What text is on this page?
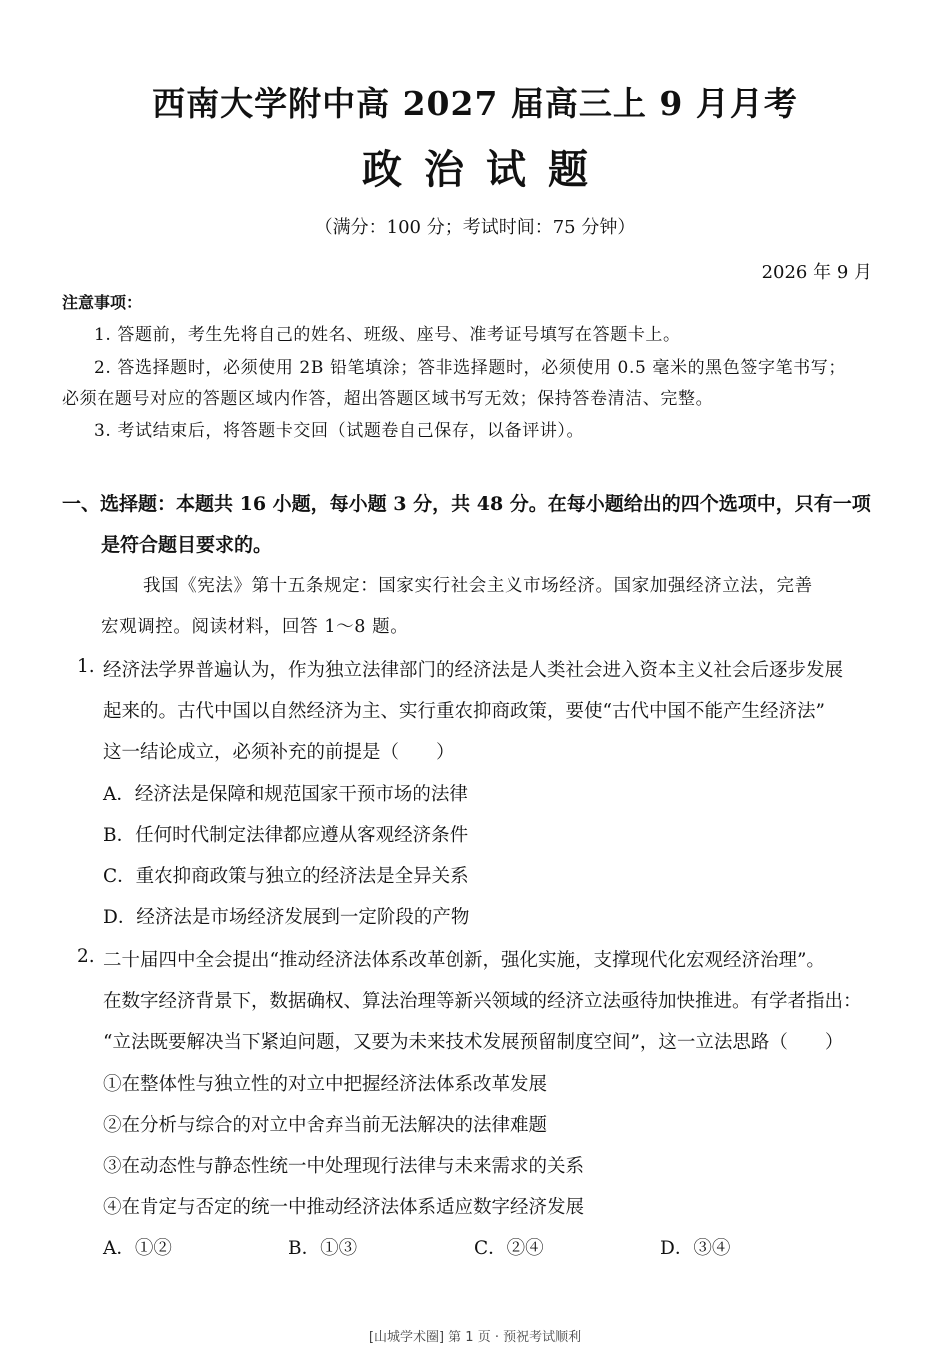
西南大学附中高 2027 届高三上 9 月月考
政治试题
（满分：100 分；考试时间：75 分钟）
2026 年 9 月
注意事项：
1. 答题前，考生先将自己的姓名、班级、座号、准考证号填写在答题卡上。
2. 答选择题时，必须使用 2B 铅笔填涂；答非选择题时，必须使用 0.5 毫米的黑色签字笔书写；
必须在题号对应的答题区域内作答，超出答题区域书写无效；保持答卷清洁、完整。
3. 考试结束后，将答题卡交回（试题卷自己保存，以备评讲）。
一、选择题：本题共 16 小题，每小题 3 分，共 48 分。在每小题给出的四个选项中，只有一项
是符合题目要求的。
我国《宪法》第十五条规定：国家实行社会主义市场经济。国家加强经济立法，完善
宏观调控。阅读材料，回答 1～8 题。
1. 经济法学界普遍认为，作为独立法律部门的经济法是人类社会进入资本主义社会后逐步发展
起来的。古代中国以自然经济为主、实行重农抑商政策，要使“古代中国不能产生经济法”
这一结论成立，必须补充的前提是（　　）
A．经济法是保障和规范国家干预市场的法律
B．任何时代制定法律都应遵从客观经济条件
C．重农抑商政策与独立的经济法是全异关系
D．经济法是市场经济发展到一定阶段的产物
2. 二十届四中全会提出“推动经济法体系改革创新，强化实施，支撑现代化宏观经济治理”。
在数字经济背景下，数据确权、算法治理等新兴领域的经济立法亟待加快推进。有学者指出：
“立法既要解决当下紧迫问题，又要为未来技术发展预留制度空间”，这一立法思路（　　）
①在整体性与独立性的对立中把握经济法体系改革发展
②在分析与综合的对立中舍弃当前无法解决的法律难题
③在动态性与静态性统一中处理现行法律与未来需求的关系
④在肯定与否定的统一中推动经济法体系适应数字经济发展
A．①②	B．①③	C．②④	D．③④
[山城学术圈] 第 1 页 · 预祝考试顺利
